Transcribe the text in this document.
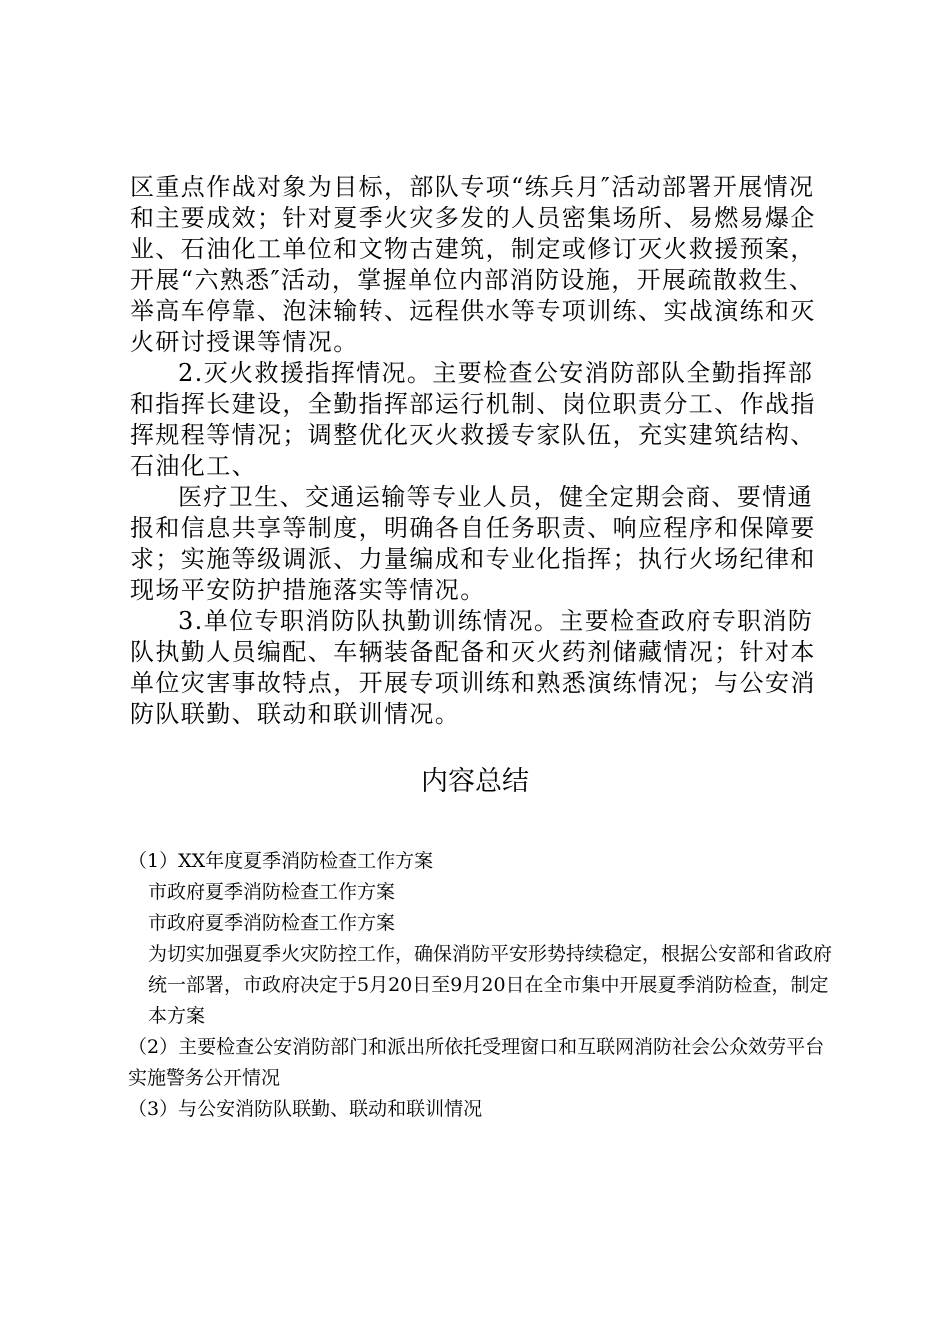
区重点作战对象为目标，部队专项“练兵月″活动部署开展情况和主要成效；针对夏季火灾多发的人员密集场所、易燃易爆企业、石油化工单位和文物古建筑，制定或修订灭火救援预案，开展“六熟悉″活动，掌握单位内部消防设施，开展疏散救生、举高车停靠、泡沫输转、远程供水等专项训练、实战演练和灭火研讨授课等情况。

2.灭火救援指挥情况。主要检查公安消防部队全勤指挥部和指挥长建设，全勤指挥部运行机制、岗位职责分工、作战指挥规程等情况；调整优化灭火救援专家队伍，充实建筑结构、石油化工、

医疗卫生、交通运输等专业人员，健全定期会商、要情通报和信息共享等制度，明确各自任务职责、响应程序和保障要求；实施等级调派、力量编成和专业化指挥；执行火场纪律和现场平安防护措施落实等情况。

3.单位专职消防队执勤训练情况。主要检查政府专职消防队执勤人员编配、车辆装备配备和灭火药剂储藏情况；针对本单位灾害事故特点，开展专项训练和熟悉演练情况；与公安消防队联勤、联动和联训情况。

内容总结

（1）XX年度夏季消防检查工作方案

市政府夏季消防检查工作方案

市政府夏季消防检查工作方案

为切实加强夏季火灾防控工作，确保消防平安形势持续稳定，根据公安部和省政府统一部署，市政府决定于5月20日至9月20日在全市集中开展夏季消防检查，制定本方案

（2）主要检查公安消防部门和派出所依托受理窗口和互联网消防社会公众效劳平台实施警务公开情况

（3）与公安消防队联勤、联动和联训情况
